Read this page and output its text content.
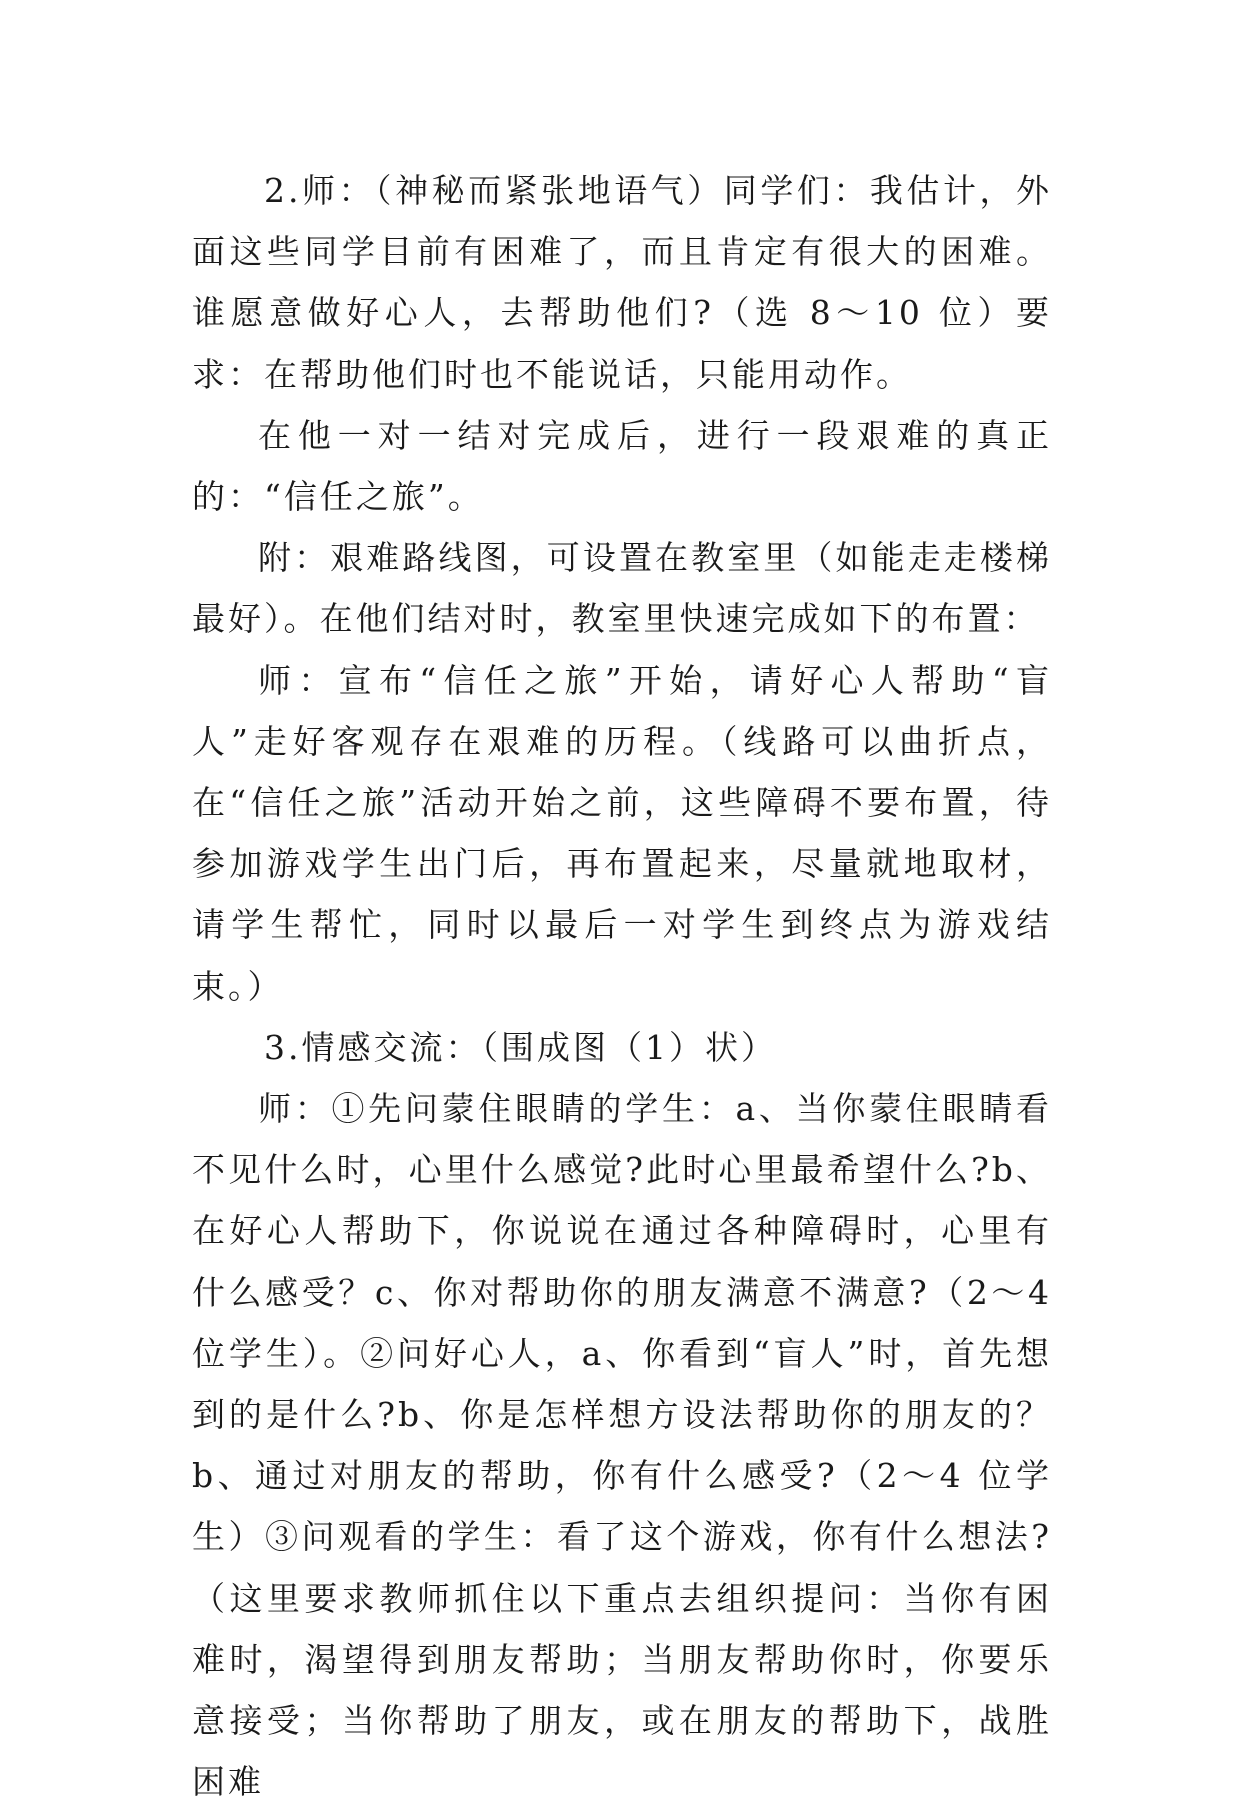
2.师：（神秘而紧张地语气）同学们：我估计，外面这些同学目前有困难了，而且肯定有很大的困难。谁愿意做好心人，去帮助他们?（选 8～10 位）要求：在帮助他们时也不能说话，只能用动作。

在他一对一结对完成后，进行一段艰难的真正的：“信任之旅”。

附：艰难路线图，可设置在教室里（如能走走楼梯最好）。在他们结对时，教室里快速完成如下的布置：

师：宣布“信任之旅”开始，请好心人帮助“盲人”走好客观存在艰难的历程。（线路可以曲折点，在“信任之旅”活动开始之前，这些障碍不要布置，待参加游戏学生出门后，再布置起来，尽量就地取材，请学生帮忙，同时以最后一对学生到终点为游戏结束。）

3.情感交流：（围成图（1）状）

师：①先问蒙住眼睛的学生：a、当你蒙住眼睛看不见什么时，心里什么感觉?此时心里最希望什么?b、在好心人帮助下，你说说在通过各种障碍时，心里有什么感受？c、你对帮助你的朋友满意不满意?（2～4 位学生）。②问好心人，a、你看到“盲人”时，首先想到的是什么?b、你是怎样想方设法帮助你的朋友的？b、通过对朋友的帮助，你有什么感受?（2～4 位学生）③问观看的学生：看了这个游戏，你有什么想法?（这里要求教师抓住以下重点去组织提问：当你有困难时，渴望得到朋友帮助；当朋友帮助你时，你要乐意接受；当你帮助了朋友，或在朋友的帮助下，战胜困难
